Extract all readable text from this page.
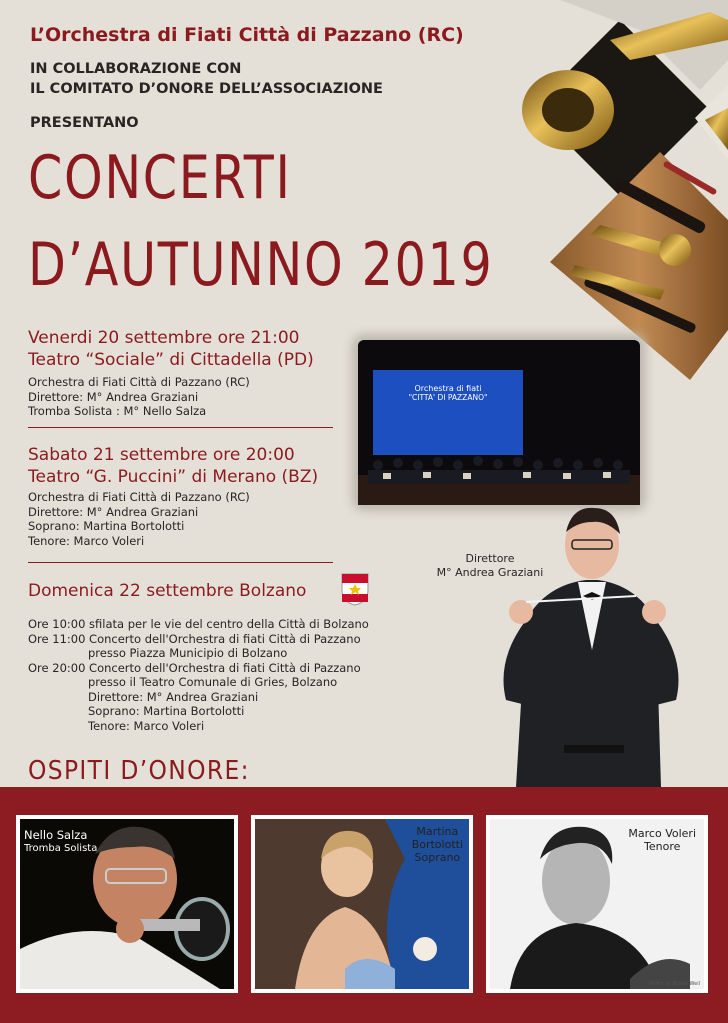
L’Orchestra di Fiati Città di Pazzano (RC)
IN COLLABORAZIONE CON
IL COMITATO D’ONORE DELL’ASSOCIAZIONE
PRESENTANO
CONCERTI
D’AUTUNNO 2019
Venerdi 20 settembre ore 21:00
Teatro “Sociale” di Cittadella (PD)
Orchestra di Fiati Città di Pazzano (RC)
Direttore: M° Andrea Graziani
Tromba Solista : M° Nello Salza
Sabato 21 settembre ore 20:00
Teatro “G. Puccini” di Merano (BZ)
Orchestra di Fiati Città di Pazzano (RC)
Direttore: M° Andrea Graziani
Soprano: Martina Bortolotti
Tenore: Marco Voleri
Orchestra di fiati
"CITTA' DI PAZZANO"
Domenica 22 settembre Bolzano
Ore 10:00 sfilata per le vie del centro della Città di Bolzano
Ore 11:00 Concerto dell'Orchestra di fiati Città di Pazzano
presso Piazza Municipio di Bolzano
Ore 20:00 Concerto dell'Orchestra di fiati Città di Pazzano
presso il Teatro Comunale di Gries, Bolzano
Direttore: M° Andrea Graziani
Soprano: Martina Bortolotti
Tenore: Marco Voleri
Direttore
M° Andrea Graziani
OSPITI D’ONORE:
Nello Salza
Tromba Solista
Martina
Bortolotti
Soprano
Marco Voleri
Tenore
photo by Nicola Weil
